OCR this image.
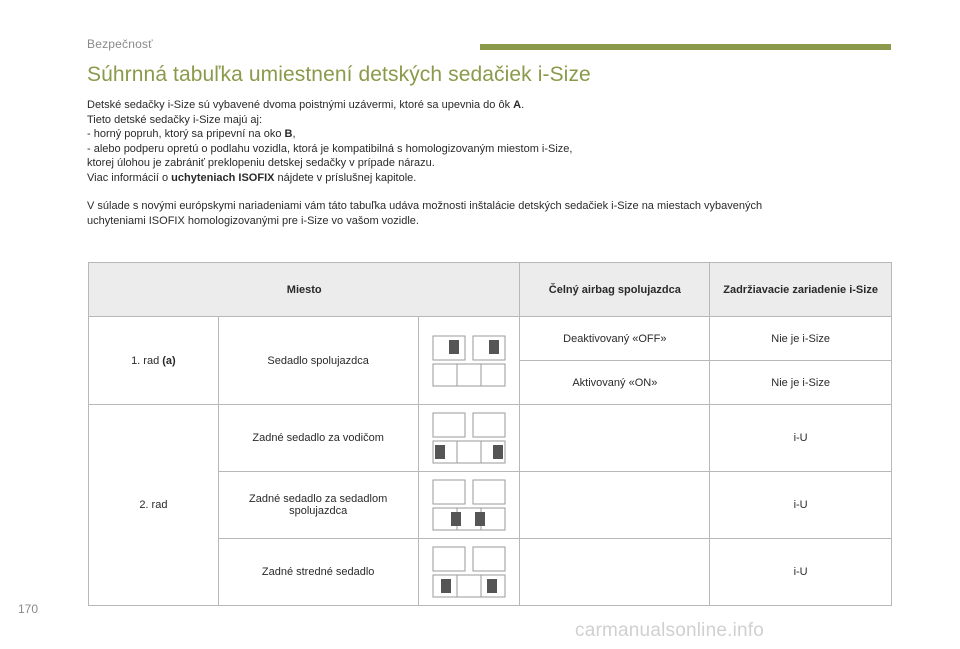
Bezpečnosť
Súhrnná tabuľka umiestnení detských sedačiek i-Size

Detské sedačky i-Size sú vybavené dvoma poistnými uzávermi, ktoré sa upevnia do ôk A.

Tieto detské sedačky i-Size majú aj:

- horný popruh, ktorý sa pripevní na oko B,

- alebo podperu opretú o podlahu vozidla, ktorá je kompatibilná s homologizovaným miestom i-Size,

ktorej úlohou je zabrániť preklopeniu detskej sedačky v prípade nárazu.

Viac informácií o uchyteniach ISOFIX nájdete v príslušnej kapitole.

V súlade s novými európskymi nariadeniami vám táto tabuľka udáva možnosti inštalácie detských sedačiek i-Size na miestach vybavených

uchyteniami ISOFIX homologizovanými pre i-Size vo vašom vozidle.

Miesto			Čelný airbag spolujazdca	Zadržiavacie zariadenie i-Size
1. rad (a)	Sedadlo spolujazdca		Deaktivovaný «OFF»	Nie je i-Size
			Aktivovaný «ON»	Nie je i-Size
2. rad	Zadné sedadlo za vodičom			i-U
	Zadné sedadlo za sedadlom spolujazdca			i-U
	Zadné stredné sedadlo			i-U
170
carmanualsonline.info
